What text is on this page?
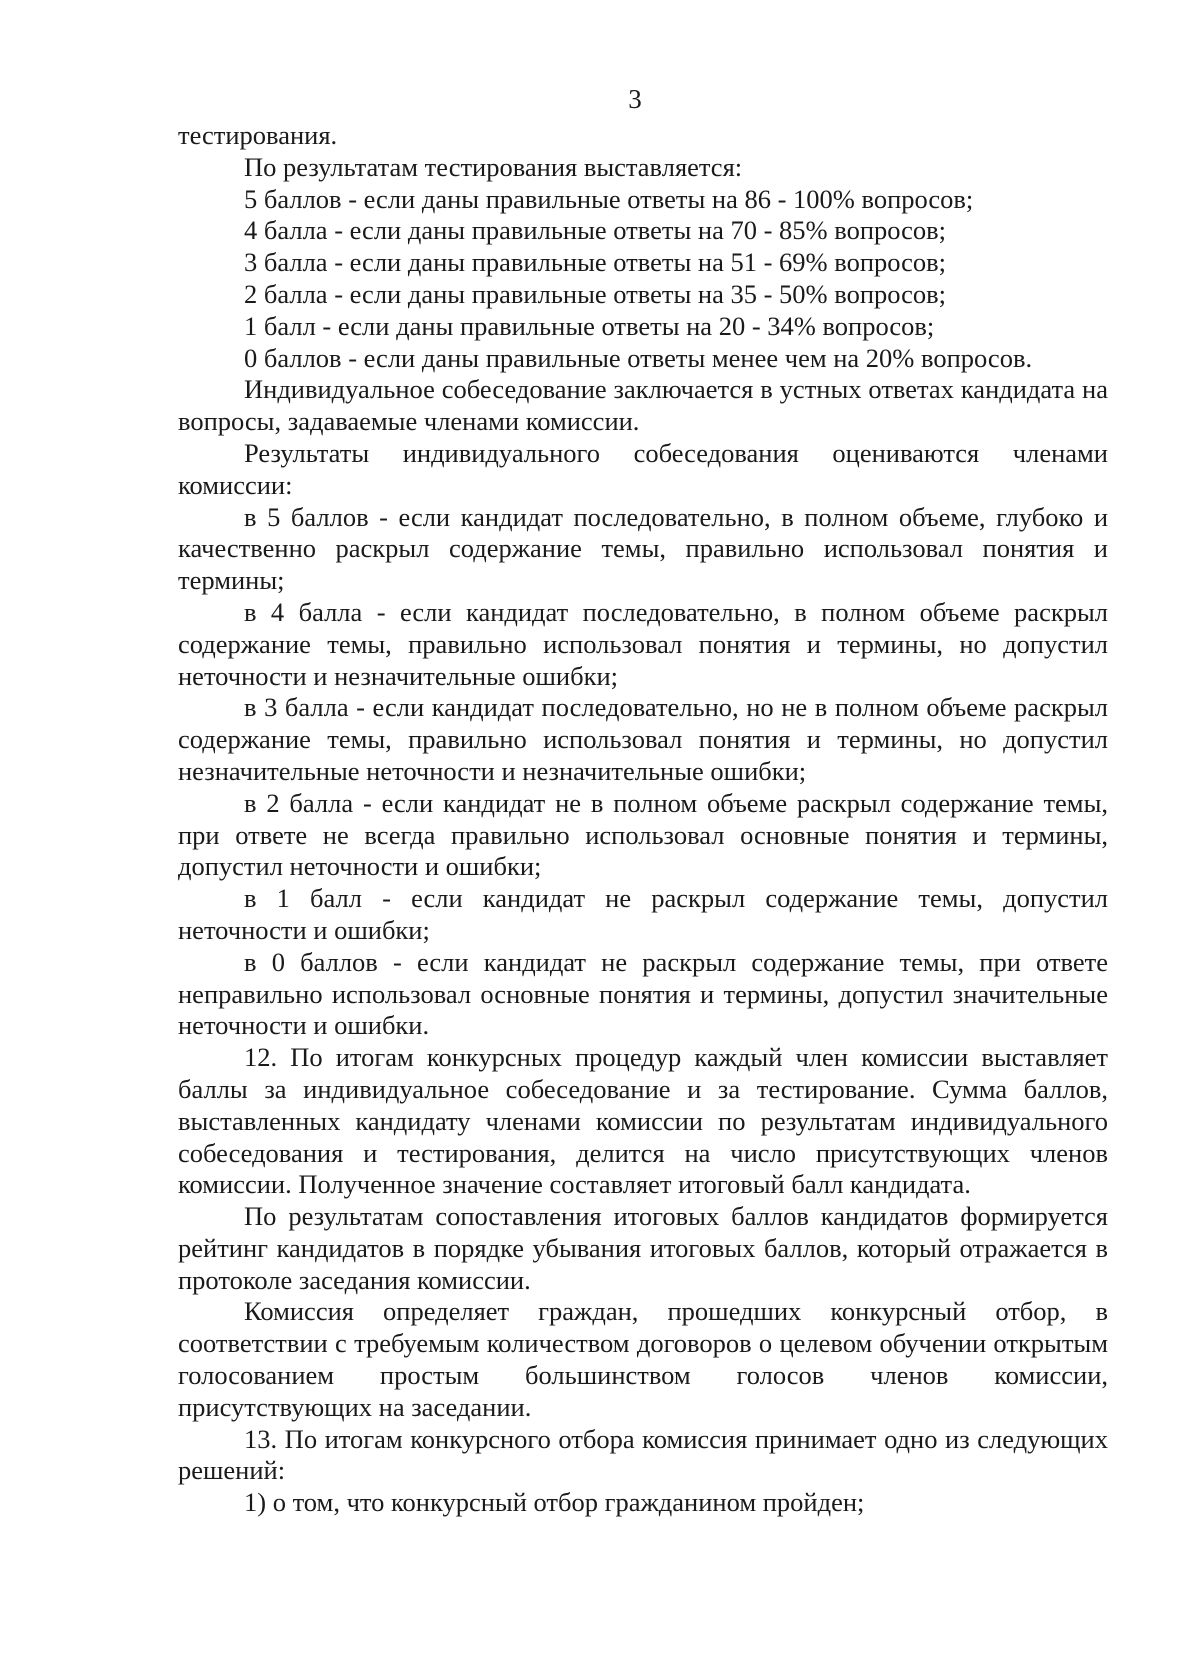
3

тестирования.

По результатам тестирования выставляется:

5 баллов - если даны правильные ответы на 86 - 100% вопросов;

4 балла - если даны правильные ответы на 70 - 85% вопросов;

3 балла - если даны правильные ответы на 51 - 69% вопросов;

2 балла - если даны правильные ответы на 35 - 50% вопросов;

1 балл - если даны правильные ответы на 20 - 34% вопросов;

0 баллов - если даны правильные ответы менее чем на 20% вопросов.

Индивидуальное собеседование заключается в устных ответах кандидата на вопросы, задаваемые членами комиссии.

Результаты индивидуального собеседования оцениваются членами комиссии:

в 5 баллов - если кандидат последовательно, в полном объеме, глубоко и качественно раскрыл содержание темы, правильно использовал понятия и термины;

в 4 балла - если кандидат последовательно, в полном объеме раскрыл содержание темы, правильно использовал понятия и термины, но допустил неточности и незначительные ошибки;

в 3 балла - если кандидат последовательно, но не в полном объеме раскрыл содержание темы, правильно использовал понятия и термины, но допустил незначительные неточности и незначительные ошибки;

в 2 балла - если кандидат не в полном объеме раскрыл содержание темы, при ответе не всегда правильно использовал основные понятия и термины, допустил неточности и ошибки;

в 1 балл - если кандидат не раскрыл содержание темы, допустил неточности и ошибки;

в 0 баллов - если кандидат не раскрыл содержание темы, при ответе неправильно использовал основные понятия и термины, допустил значительные неточности и ошибки.

12. По итогам конкурсных процедур каждый член комиссии выставляет баллы за индивидуальное собеседование и за тестирование. Сумма баллов, выставленных кандидату членами комиссии по результатам индивидуального собеседования и тестирования, делится на число присутствующих членов комиссии. Полученное значение составляет итоговый балл кандидата.

По результатам сопоставления итоговых баллов кандидатов формируется рейтинг кандидатов в порядке убывания итоговых баллов, который отражается в протоколе заседания комиссии.

Комиссия определяет граждан, прошедших конкурсный отбор, в соответствии с требуемым количеством договоров о целевом обучении открытым голосованием простым большинством голосов членов комиссии, присутствующих на заседании.

13. По итогам конкурсного отбора комиссия принимает одно из следующих решений:

1) о том, что конкурсный отбор гражданином пройден;
